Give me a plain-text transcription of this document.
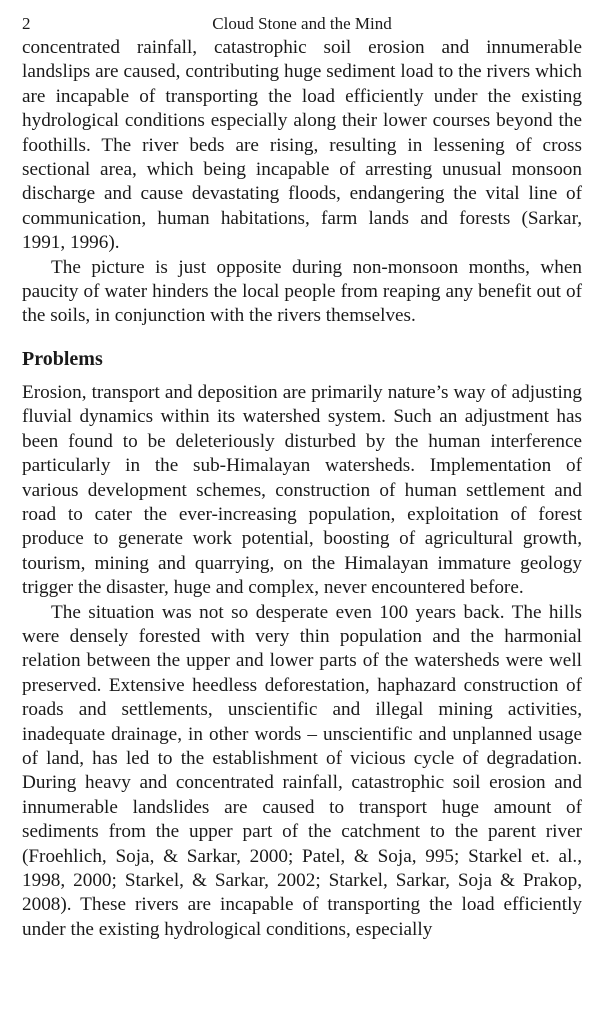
2	Cloud Stone and the Mind

concentrated rainfall, catastrophic soil erosion and innumerable landslips are caused, contributing huge sediment load to the rivers which are incapable of transporting the load efficiently under the existing hydrological conditions especially along their lower courses beyond the foothills. The river beds are rising, resulting in lessening of cross sectional area, which being incapable of arresting unusual monsoon discharge and cause devastating floods, endangering the vital line of communication, human habitations, farm lands and forests (Sarkar, 1991, 1996).

The picture is just opposite during non-monsoon months, when paucity of water hinders the local people from reaping any benefit out of the soils, in conjunction with the rivers themselves.

Problems

Erosion, transport and deposition are primarily nature’s way of adjusting fluvial dynamics within its watershed system. Such an adjustment has been found to be deleteriously disturbed by the human interference particularly in the sub-Himalayan watersheds. Implementation of various development schemes, construction of human settlement and road to cater the ever-increasing population, exploitation of forest produce to generate work potential, boosting of agricultural growth, tourism, mining and quarrying, on the Himalayan immature geology trigger the disaster, huge and complex, never encountered before.

The situation was not so desperate even 100 years back. The hills were densely forested with very thin population and the harmonial relation between the upper and lower parts of the watersheds were well preserved. Extensive heedless deforestation, haphazard construction of roads and settlements, unscientific and illegal mining activities, inadequate drainage, in other words – unscientific and unplanned usage of land, has led to the establishment of vicious cycle of degradation. During heavy and concentrated rainfall, catastrophic soil erosion and innumerable landslides are caused to transport huge amount of sediments from the upper part of the catchment to the parent river (Froehlich, Soja, & Sarkar, 2000; Patel, & Soja, 995; Starkel et. al., 1998, 2000; Starkel, & Sarkar, 2002; Starkel, Sarkar, Soja & Prakop, 2008). These rivers are incapable of transporting the load efficiently under the existing hydrological conditions, especially
